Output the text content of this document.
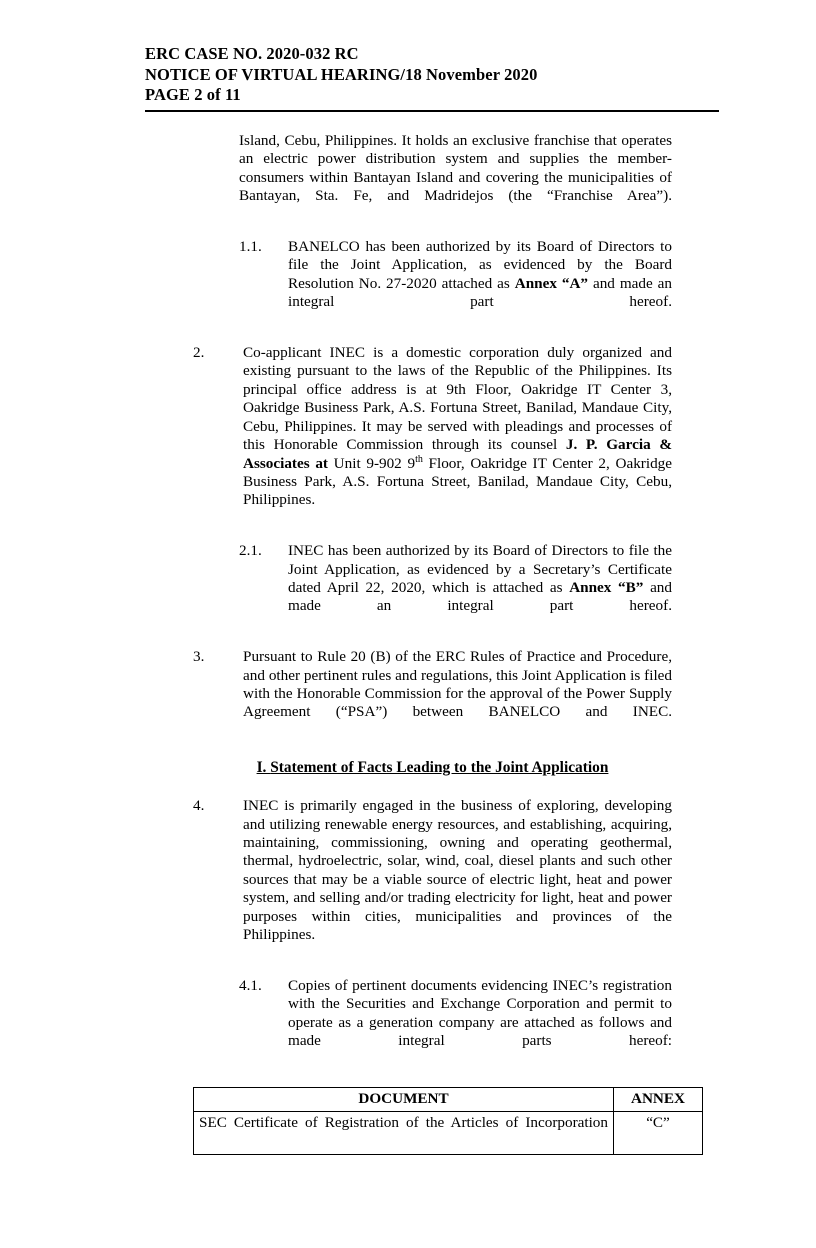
ERC CASE NO. 2020-032 RC
NOTICE OF VIRTUAL HEARING/18 November 2020
PAGE 2 of 11
Island, Cebu, Philippines. It holds an exclusive franchise that operates an electric power distribution system and supplies the member-consumers within Bantayan Island and covering the municipalities of Bantayan, Sta. Fe, and Madridejos (the “Franchise Area”).
1.1.	BANELCO has been authorized by its Board of Directors to file the Joint Application, as evidenced by the Board Resolution No. 27-2020 attached as Annex “A” and made an integral part hereof.
2.	Co-applicant INEC is a domestic corporation duly organized and existing pursuant to the laws of the Republic of the Philippines. Its principal office address is at 9th Floor, Oakridge IT Center 3, Oakridge Business Park, A.S. Fortuna Street, Banilad, Mandaue City, Cebu, Philippines. It may be served with pleadings and processes of this Honorable Commission through its counsel J. P. Garcia & Associates at Unit 9-902 9th Floor, Oakridge IT Center 2, Oakridge Business Park, A.S. Fortuna Street, Banilad, Mandaue City, Cebu, Philippines.
2.1.	INEC has been authorized by its Board of Directors to file the Joint Application, as evidenced by a Secretary’s Certificate dated April 22, 2020, which is attached as Annex “B” and made an integral part hereof.
3.	Pursuant to Rule 20 (B) of the ERC Rules of Practice and Procedure, and other pertinent rules and regulations, this Joint Application is filed with the Honorable Commission for the approval of the Power Supply Agreement (“PSA”) between BANELCO and INEC.
I. Statement of Facts Leading to the Joint Application
4.	INEC is primarily engaged in the business of exploring, developing and utilizing renewable energy resources, and establishing, acquiring, maintaining, commissioning, owning and operating geothermal, thermal, hydroelectric, solar, wind, coal, diesel plants and such other sources that may be a viable source of electric light, heat and power system, and selling and/or trading electricity for light, heat and power purposes within cities, municipalities and provinces of the Philippines.
4.1.	Copies of pertinent documents evidencing INEC’s registration with the Securities and Exchange Corporation and permit to operate as a generation company are attached as follows and made integral parts hereof:
DOCUMENT	ANNEX
SEC Certificate of Registration of the Articles of Incorporation	“C”
